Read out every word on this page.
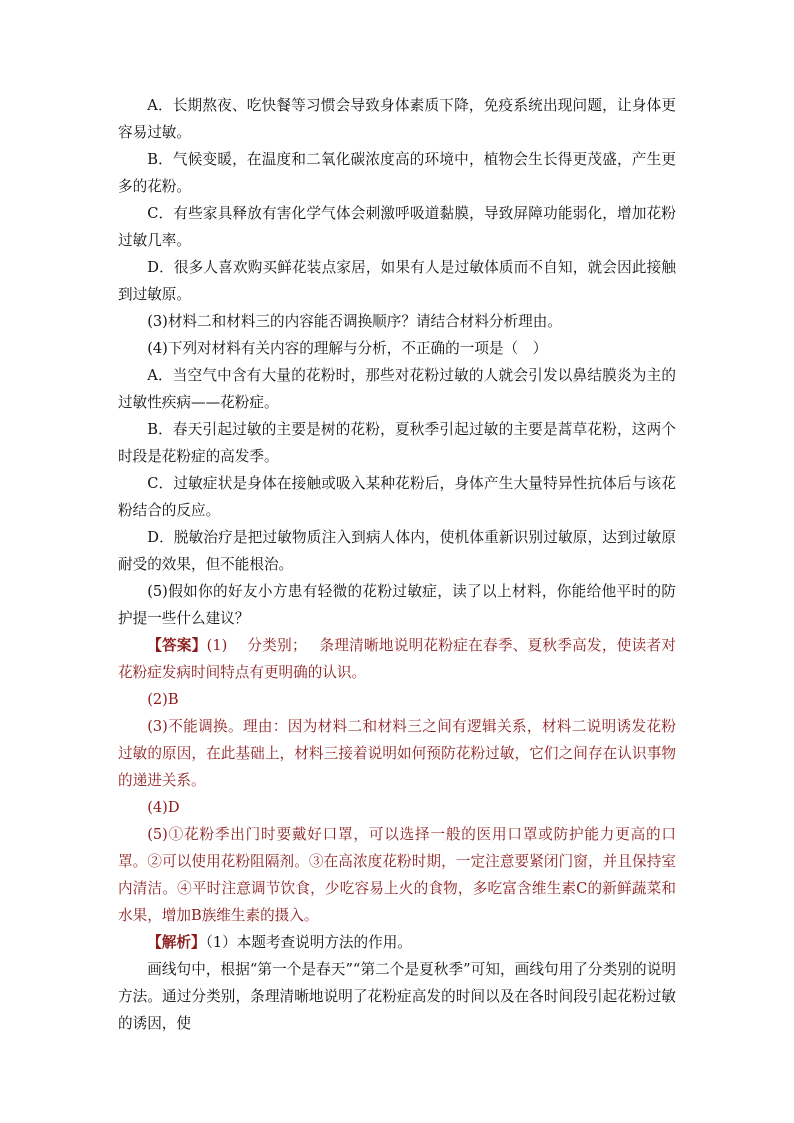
A．长期熬夜、吃快餐等习惯会导致身体素质下降，免疫系统出现问题，让身体更容易过敏。

B．气候变暖，在温度和二氧化碳浓度高的环境中，植物会生长得更茂盛，产生更多的花粉。

C．有些家具释放有害化学气体会刺激呼吸道黏膜，导致屏障功能弱化，增加花粉过敏几率。

D．很多人喜欢购买鲜花装点家居，如果有人是过敏体质而不自知，就会因此接触到过敏原。

(3)材料二和材料三的内容能否调换顺序？请结合材料分析理由。

(4)下列对材料有关内容的理解与分析，不正确的一项是（　）

A．当空气中含有大量的花粉时，那些对花粉过敏的人就会引发以鼻结膜炎为主的过敏性疾病——花粉症。

B．春天引起过敏的主要是树的花粉，夏秋季引起过敏的主要是蒿草花粉，这两个时段是花粉症的高发季。

C．过敏症状是身体在接触或吸入某种花粉后，身体产生大量特异性抗体后与该花粉结合的反应。

D．脱敏治疗是把过敏物质注入到病人体内，使机体重新识别过敏原，达到过敏原耐受的效果，但不能根治。

(5)假如你的好友小方患有轻微的花粉过敏症，读了以上材料，你能给他平时的防护提一些什么建议？

【答案】(1)　 分类别；　 条理清晰地说明花粉症在春季、夏秋季高发，使读者对花粉症发病时间特点有更明确的认识。

(2)B

(3)不能调换。理由：因为材料二和材料三之间有逻辑关系，材料二说明诱发花粉过敏的原因，在此基础上，材料三接着说明如何预防花粉过敏，它们之间存在认识事物的递进关系。

(4)D

(5)①花粉季出门时要戴好口罩，可以选择一般的医用口罩或防护能力更高的口罩。②可以使用花粉阻隔剂。③在高浓度花粉时期，一定注意要紧闭门窗，并且保持室内清洁。④平时注意调节饮食，少吃容易上火的食物，多吃富含维生素C的新鲜蔬菜和水果，增加B族维生素的摄入。

【解析】（1）本题考查说明方法的作用。

画线句中，根据“第一个是春天”“第二个是夏秋季”可知，画线句用了分类别的说明方法。通过分类别，条理清晰地说明了花粉症高发的时间以及在各时间段引起花粉过敏的诱因，使
